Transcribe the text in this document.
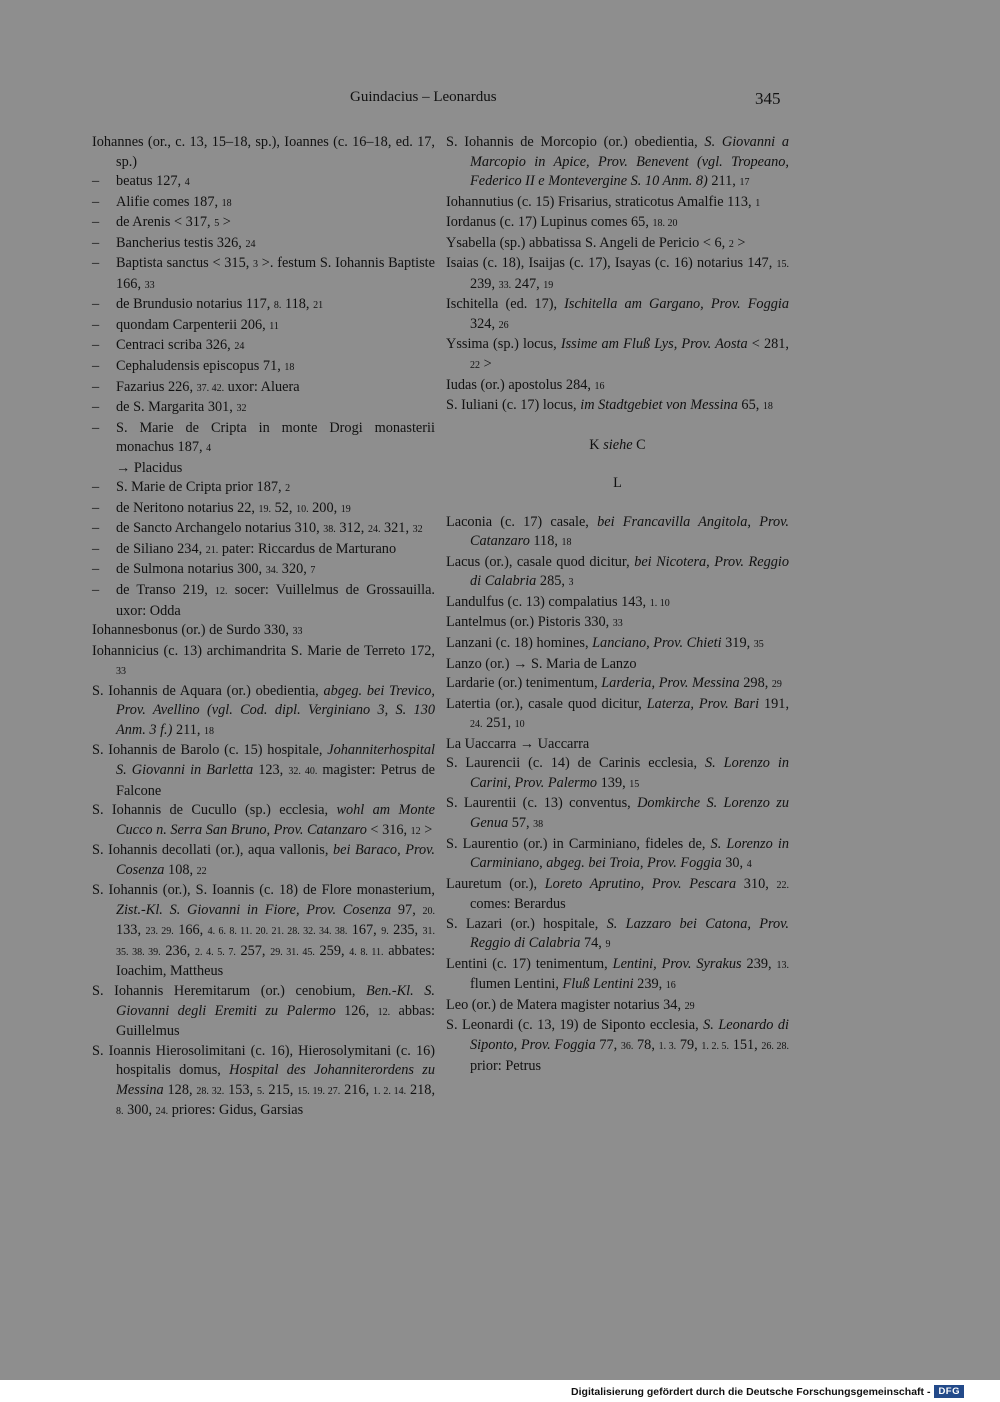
Guindacius – Leonardus	345

Iohannes (or., c. 13, 15–18, sp.), Ioannes (c. 16–18, ed. 17, sp.)

– beatus 127, 4

– Alifie comes 187, 18

– de Arenis < 317, 5 >

– Bancherius testis 326, 24

– Baptista sanctus < 315, 3 >. festum S. Iohannis Baptiste 166, 33

– de Brundusio notarius 117, 8. 118, 21

– quondam Carpenterii 206, 11

– Centraci scriba 326, 24

– Cephaludensis episcopus 71, 18

– Fazarius 226, 37. 42. uxor: Aluera

– de S. Margarita 301, 32

– S. Marie de Cripta in monte Drogi monasterii monachus 187, 4

→ Placidus

– S. Marie de Cripta prior 187, 2

– de Neritono notarius 22, 19. 52, 10. 200, 19

– de Sancto Archangelo notarius 310, 38. 312, 24. 321, 32

– de Siliano 234, 21. pater: Riccardus de Marturano

– de Sulmona notarius 300, 34. 320, 7

– de Transo 219, 12. socer: Vuillelmus de Grossauilla. uxor: Odda

Iohannesbonus (or.) de Surdo 330, 33

Iohannicius (c. 13) archimandrita S. Marie de Terreto 172, 33

S. Iohannis de Aquara (or.) obedientia, abgeg. bei Trevico, Prov. Avellino (vgl. Cod. dipl. Verginiano 3, S. 130 Anm. 3 f.) 211, 18

S. Iohannis de Barolo (c. 15) hospitale, Johanniterhospital S. Giovanni in Barletta 123, 32. 40. magister: Petrus de Falcone

S. Iohannis de Cucullo (sp.) ecclesia, wohl am Monte Cucco n. Serra San Bruno, Prov. Catanzaro < 316, 12 >

S. Iohannis decollati (or.), aqua vallonis, bei Baraco, Prov. Cosenza 108, 22

S. Iohannis (or.), S. Ioannis (c. 18) de Flore monasterium, Zist.-Kl. S. Giovanni in Fiore, Prov. Cosenza 97, 20. 133, 23. 29. 166, 4. 6. 8. 11. 20. 21. 28. 32. 34. 38. 167, 9. 235, 31. 35. 38. 39. 236, 2. 4. 5. 7. 257, 29. 31. 45. 259, 4. 8. 11. abbates: Ioachim, Mattheus

S. Iohannis Heremitarum (or.) cenobium, Ben.-Kl. S. Giovanni degli Eremiti zu Palermo 126, 12. abbas: Guillelmus

S. Ioannis Hierosolimitani (c. 16), Hierosolymitani (c. 16) hospitalis domus, Hospital des Johanniterordens zu Messina 128, 28. 32. 153, 5. 215, 15. 19. 27. 216, 1. 2. 14. 218, 8. 300, 24. priores: Gidus, Garsias

S. Iohannis de Morcopio (or.) obedientia, S. Giovanni a Marcopio in Apice, Prov. Benevent (vgl. Tropeano, Federico II e Montevergine S. 10 Anm. 8) 211, 17

Iohannutius (c. 15) Frisarius, straticotus Amalfie 113, 1

Iordanus (c. 17) Lupinus comes 65, 18. 20

Ysabella (sp.) abbatissa S. Angeli de Pericio < 6, 2 >

Isaias (c. 18), Isaijas (c. 17), Isayas (c. 16) notarius 147, 15. 239, 33. 247, 19

Ischitella (ed. 17), Ischitella am Gargano, Prov. Foggia 324, 26

Yssima (sp.) locus, Issime am Fluß Lys, Prov. Aosta < 281, 22 >

Iudas (or.) apostolus 284, 16

S. Iuliani (c. 17) locus, im Stadtgebiet von Messina 65, 18

K siehe C

L

Laconia (c. 17) casale, bei Francavilla Angitola, Prov. Catanzaro 118, 18

Lacus (or.), casale quod dicitur, bei Nicotera, Prov. Reggio di Calabria 285, 3

Landulfus (c. 13) compalatius 143, 1. 10

Lantelmus (or.) Pistoris 330, 33

Lanzani (c. 18) homines, Lanciano, Prov. Chieti 319, 35

Lanzo (or.) → S. Maria de Lanzo

Lardarie (or.) tenimentum, Larderia, Prov. Messina 298, 29

Latertia (or.), casale quod dicitur, Laterza, Prov. Bari 191, 24. 251, 10

La Uaccarra → Uaccarra

S. Laurencii (c. 14) de Carinis ecclesia, S. Lorenzo in Carini, Prov. Palermo 139, 15

S. Laurentii (c. 13) conventus, Domkirche S. Lorenzo zu Genua 57, 38

S. Laurentio (or.) in Carminiano, fideles de, S. Lorenzo in Carminiano, abgeg. bei Troia, Prov. Foggia 30, 4

Lauretum (or.), Loreto Aprutino, Prov. Pescara 310, 22. comes: Berardus

S. Lazari (or.) hospitale, S. Lazzaro bei Catona, Prov. Reggio di Calabria 74, 9

Lentini (c. 17) tenimentum, Lentini, Prov. Syrakus 239, 13. flumen Lentini, Fluß Lentini 239, 16

Leo (or.) de Matera magister notarius 34, 29

S. Leonardi (c. 13, 19) de Siponto ecclesia, S. Leonardo di Siponto, Prov. Foggia 77, 36. 78, 1. 3. 79, 1. 2. 5. 151, 26. 28. prior: Petrus

Digitalisierung gefördert durch die Deutsche Forschungsgemeinschaft - DFG
